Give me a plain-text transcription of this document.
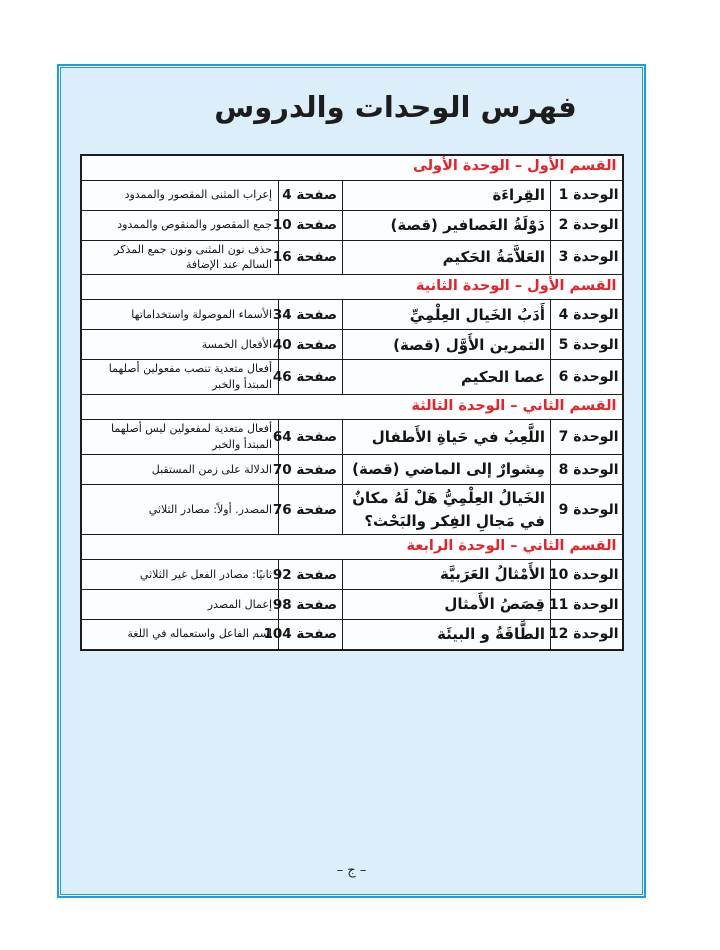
فهرس الوحدات والدروس
القسم الأول – الوحدة الأولى			
الوحدة 1	القِراءَة	صفحة 4	إعراب المثنى المقصور والممدود
الوحدة 2	دَوْلَةُ العَصافير (قصة)	صفحة 10	جمع المقصور والمنقوص والممدود
الوحدة 3	العَلاَّمَةُ الحَكيم	صفحة 16	حذف نون المثنى ونون جمع المذكر السالم عند الإضافة
القسم الأول – الوحدة الثانية			
الوحدة 4	أَدَبُ الخَيال العِلْمِيِّ	صفحة 34	الأسماء الموصولة واستخداماتها
الوحدة 5	التمرين الأَوَّل (قصة)	صفحة 40	الأفعال الخمسة
الوحدة 6	عصا الحكيم	صفحة 46	أفعال متعدية تنصب مفعولين أصلهما المبتدأ والخبر
القسم الثاني – الوحدة الثالثة			
الوحدة 7	اللَّعِبُ في حَياةِ الأَطفال	صفحة 64	أفعال متعدية لمفعولين ليس أصلهما المبتدأ والخبر
الوحدة 8	مِشوارٌ إلى الماضي (قصة)	صفحة 70	الدلالة على زمن المستقبل
الوحدة 9	الخَيالُ العِلْمِيُّ هَلْ لَهُ مكانٌ في مَجالِ الفِكر والبَحْث؟	صفحة 76	المصدر. أولاً: مصادر الثلاثي
القسم الثاني – الوحدة الرابعة			
الوحدة 10	الأَمْثالُ العَرَبيَّة	صفحة 92	ثانيًا: مصادر الفعل غير الثلاثي
الوحدة 11	قِصَصُ الأَمثال	صفحة 98	إعمال المصدر
الوحدة 12	الطَّاقَةُ و البيئَة	صفحة 104	اسم الفاعل واستعماله في اللغة
– ج –
